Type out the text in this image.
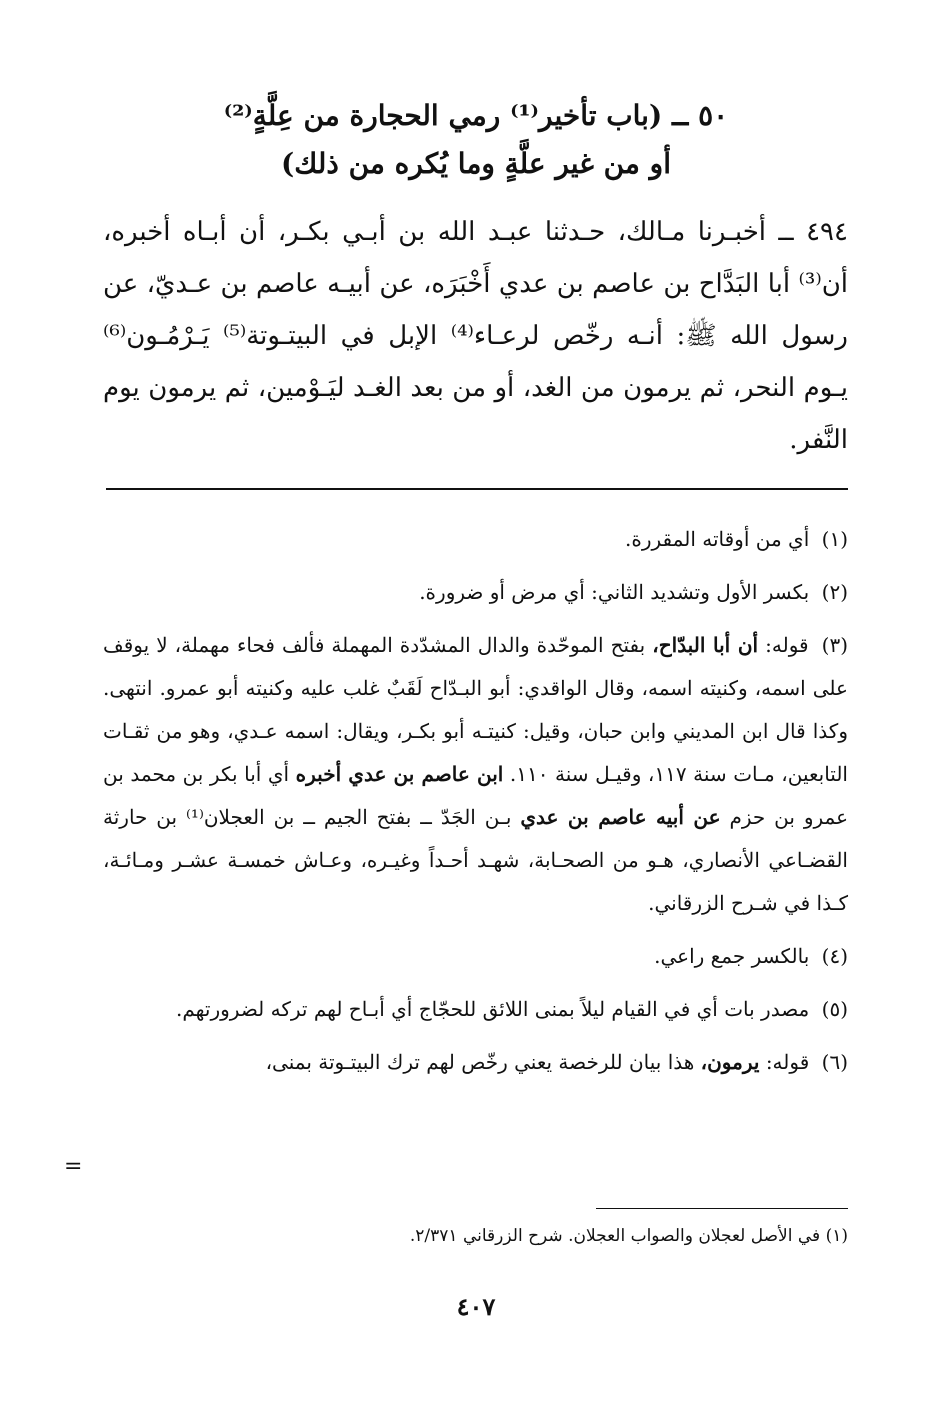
٥٠ ــ (باب تأخير⁽¹⁾ رمي الحجارة من عِلَّةٍ⁽²⁾
أو من غير علَّةٍ وما يُكره من ذلك)
٤٩٤ ــ أخبـرنا مـالك، حـدثنا عبـد الله بن أبـي بكـر، أن أبـاه أخبره، أن⁽³⁾ أبا البَدَّاح بن عاصم بن عدي أَخْبَرَه، عن أبيـه عاصم بن عـديّ، عن رسول الله ﷺ: أنـه رخّص لرعـاء⁽⁴⁾ الإبل في البيتـوتة⁽⁵⁾ يَـرْمُـون⁽⁶⁾ يـوم النحر، ثم يرمون من الغد، أو من بعد الغـد ليَـوْمين، ثم يرمون يوم النَّفر.

(١) أي من أوقاته المقررة.

(٢) بكسر الأول وتشديد الثاني: أي مرض أو ضرورة.

(٣) قوله: أن أبا البدّاح، بفتح الموحّدة والدال المشدّدة المهملة فألف فحاء مهملة، لا يوقف على اسمه، وكنيته اسمه، وقال الواقدي: أبو البـدّاح لَقَبٌ غلب عليه وكنيته أبو عمرو. انتهى. وكذا قال ابن المديني وابن حبان، وقيل: كنيتـه أبو بكـر، ويقال: اسمه عـدي، وهو من ثقـات التابعين، مـات سنة ١١٧، وقيـل سنة ١١٠. ابن عاصم بن عدي أخبره أي أبا بكر بن محمد بن عمرو بن حزم عن أبيه عاصم بن عدي بـن الجَدّ ــ بفتح الجيم ــ بن العجلان⁽¹⁾ بن حارثة القضـاعي الأنصاري، هـو من الصحـابة، شهـد أحـداً وغيـره، وعـاش خمسـة عشـر ومـائـة، كـذا في شـرح الزرقاني.

(٤) بالكسر جمع راعي.

(٥) مصدر بات أي في القيام ليلاً بمنى اللائق للحجّاج أي أبـاح لهم تركه لضرورتهم.

(٦) قوله: يرمون، هذا بيان للرخصة يعني رخّص لهم ترك البيتـوتة بمنى،

=
(١) في الأصل لعجلان والصواب العجلان. شرح الزرقاني ٢/٣٧١.
٤٠٧
